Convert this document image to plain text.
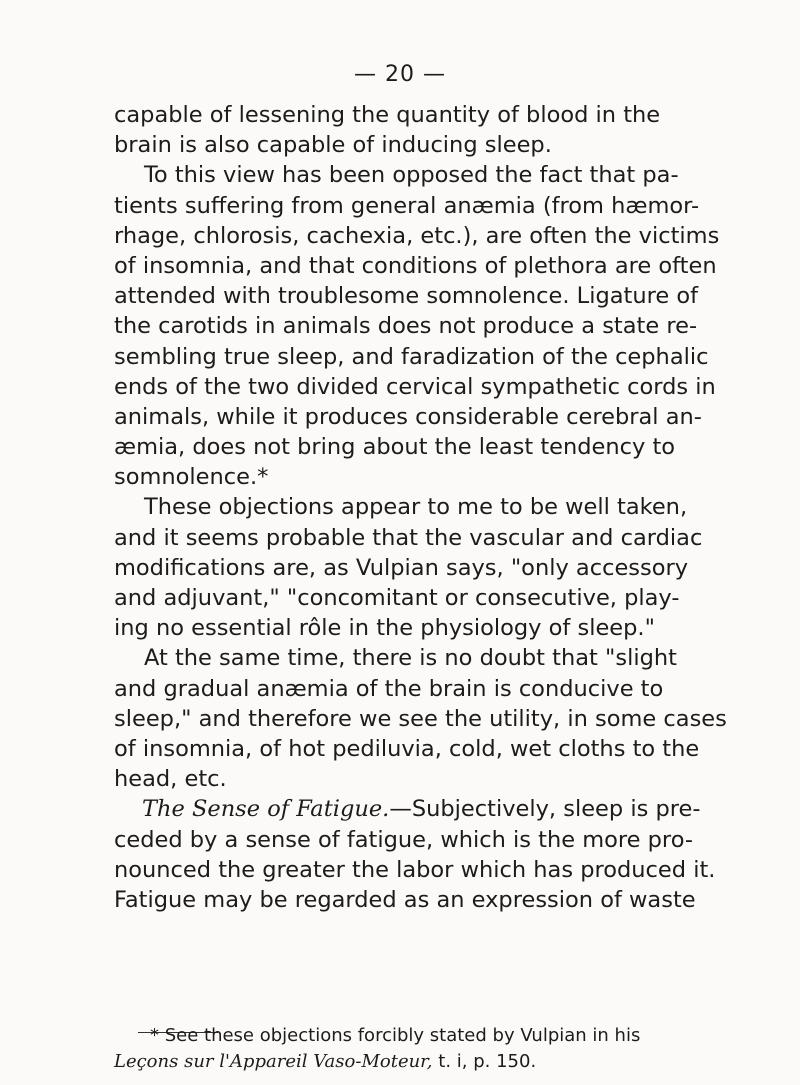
— 20 —
capable of lessening the quantity of blood in the
brain is also capable of inducing sleep.
To this view has been opposed the fact that pa-
tients suffering from general anæmia (from hæmor-
rhage, chlorosis, cachexia, etc.), are often the victims
of insomnia, and that conditions of plethora are often
attended with troublesome somnolence. Ligature of
the carotids in animals does not produce a state re-
sembling true sleep, and faradization of the cephalic
ends of the two divided cervical sympathetic cords in
animals, while it produces considerable cerebral an-
æmia, does not bring about the least tendency to
somnolence.*
These objections appear to me to be well taken,
and it seems probable that the vascular and cardiac
modifications are, as Vulpian says, "only accessory
and adjuvant," "concomitant or consecutive, play-
ing no essential rôle in the physiology of sleep."
At the same time, there is no doubt that "slight
and gradual anæmia of the brain is conducive to
sleep," and therefore we see the utility, in some cases
of insomnia, of hot pediluvia, cold, wet cloths to the
head, etc.
The Sense of Fatigue.—Subjectively, sleep is pre-
ceded by a sense of fatigue, which is the more pro-
nounced the greater the labor which has produced it.
Fatigue may be regarded as an expression of waste
* See these objections forcibly stated by Vulpian in his
Leçons sur l'Appareil Vaso-Moteur, t. i, p. 150.
